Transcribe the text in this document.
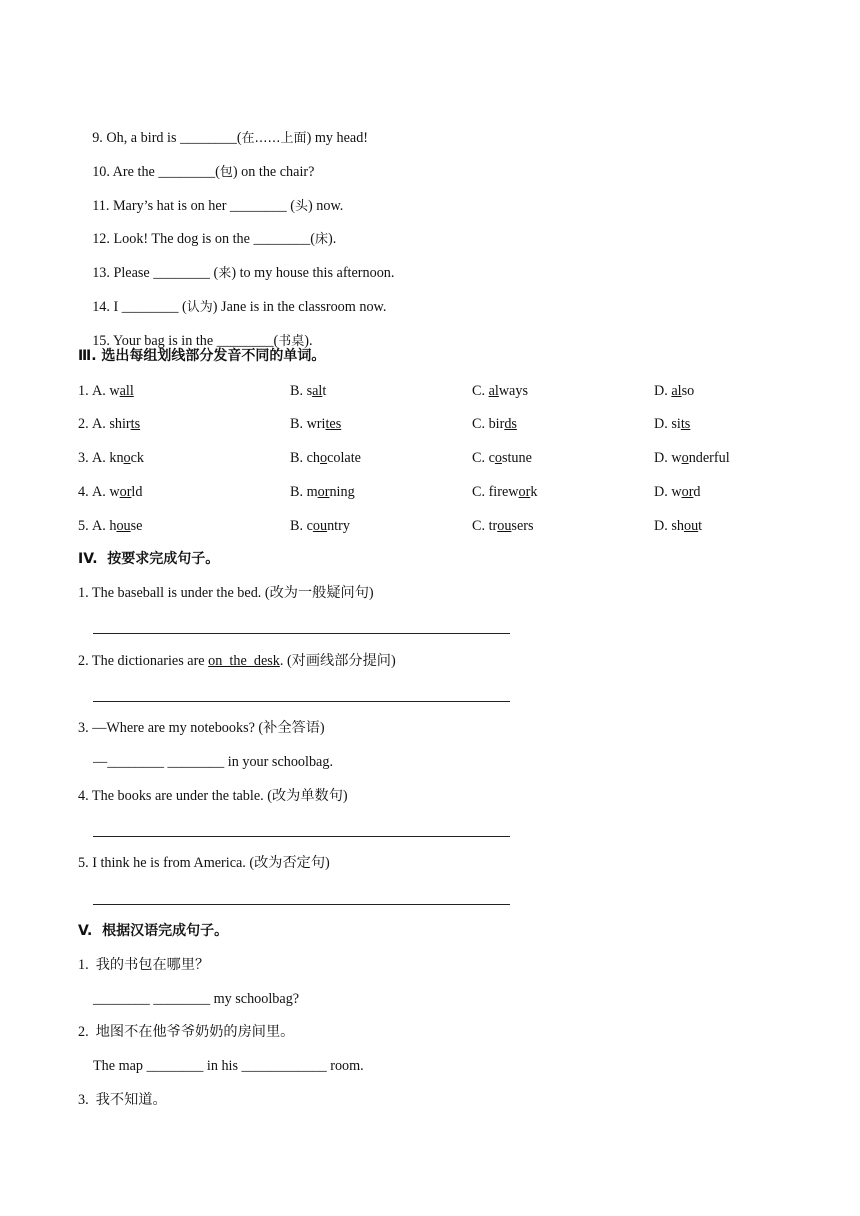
9. Oh, a bird is ________(在……上面) my head!

10. Are the ________(包) on the chair?

11. Mary’s hat is on her ________ (头) now.

12. Look! The dog is on the ________(床).

13. Please ________ (来) to my house this afternoon.

14. I ________ (认为) Jane is in the classroom now.

15. Your bag is in the ________(书桌).

Ⅲ. 选出每组划线部分发音不同的单词。
1. A. wall	B. salt	C. always	D. also
2. A. shirts	B. writes	C. birds	D. sits
3. A. knock	B. chocolate	C. costune	D. wonderful
4. A. world	B. morning	C. firework	D. word
5. A. house	B. country	C. trousers	D. shout
IV.  按要求完成句子。
1. The baseball is under the bed. (改为一般疑问句)
2. The dictionaries are on  the  desk. (对画线部分提问)
3. —Where are my notebooks? (补全答语)
—________ ________ in your schoolbag.
4. The books are under the table. (改为单数句)
5. I think he is from America. (改为否定句)
V.  根据汉语完成句子。
1.  我的书包在哪里？
________ ________ my schoolbag?
2.  地图不在他爷爷奶奶的房间里。
The map ________ in his ____________ room.
3.  我不知道。
